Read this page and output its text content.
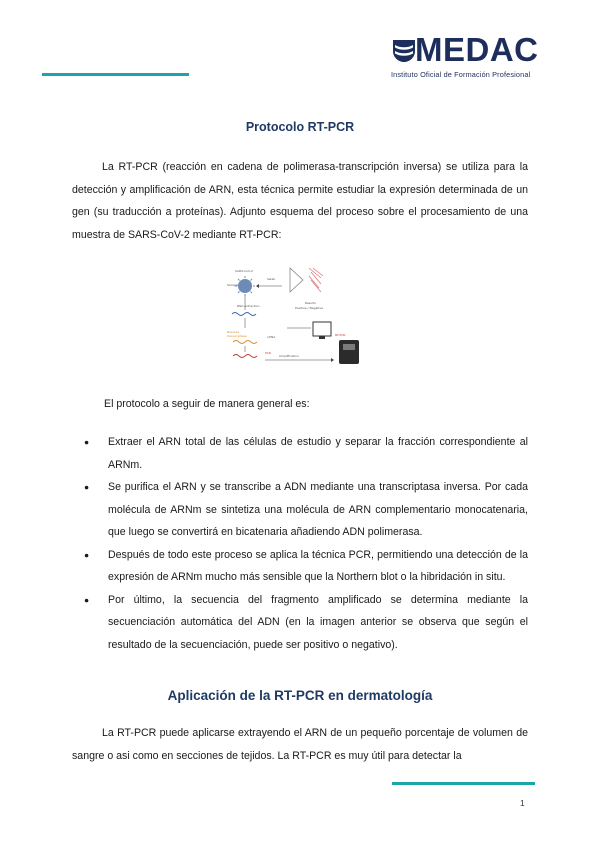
MEDAC
Instituto Oficial de Formación Profesional
Protocolo RT-PCR

La RT-PCR (reacción en cadena de polimerasa-transcripción inversa) se utiliza para la detección y amplificación de ARN, esta técnica permite estudiar la expresión determinada de un gen (su traducción a proteínas). Adjunto esquema del proceso sobre el procesamiento de una muestra de SARS-CoV-2 mediante RT-PCR:

SARS-CoV-2
Sample
Swab
RNA extraction
Reverse
transcriptase	cDNA
PCR
Amplification
Results
Positive / Negative
RT-PCR
El protocolo a seguir de manera general es:
● Extraer el ARN total de las células de estudio y separar la fracción correspondiente al ARNm.
● Se purifica el ARN y se transcribe a ADN mediante una transcriptasa inversa. Por cada molécula de ARNm se sintetiza una molécula de ARN complementario monocatenaria, que luego se convertirá en bicatenaria añadiendo ADN polimerasa.
● Después de todo este proceso se aplica la técnica PCR, permitiendo una detección de la expresión de ARNm mucho más sensible que la Northern blot o la hibridación in situ.
● Por último, la secuencia del fragmento amplificado se determina mediante la secuenciación automática del ADN (en la imagen anterior se observa que según el resultado de la secuenciación, puede ser positivo o negativo).
Aplicación de la RT-PCR en dermatología

La RT-PCR puede aplicarse extrayendo el ARN de un pequeño porcentaje de volumen de sangre o asi como en secciones de tejidos. La RT-PCR es muy útil para detectar la

1
